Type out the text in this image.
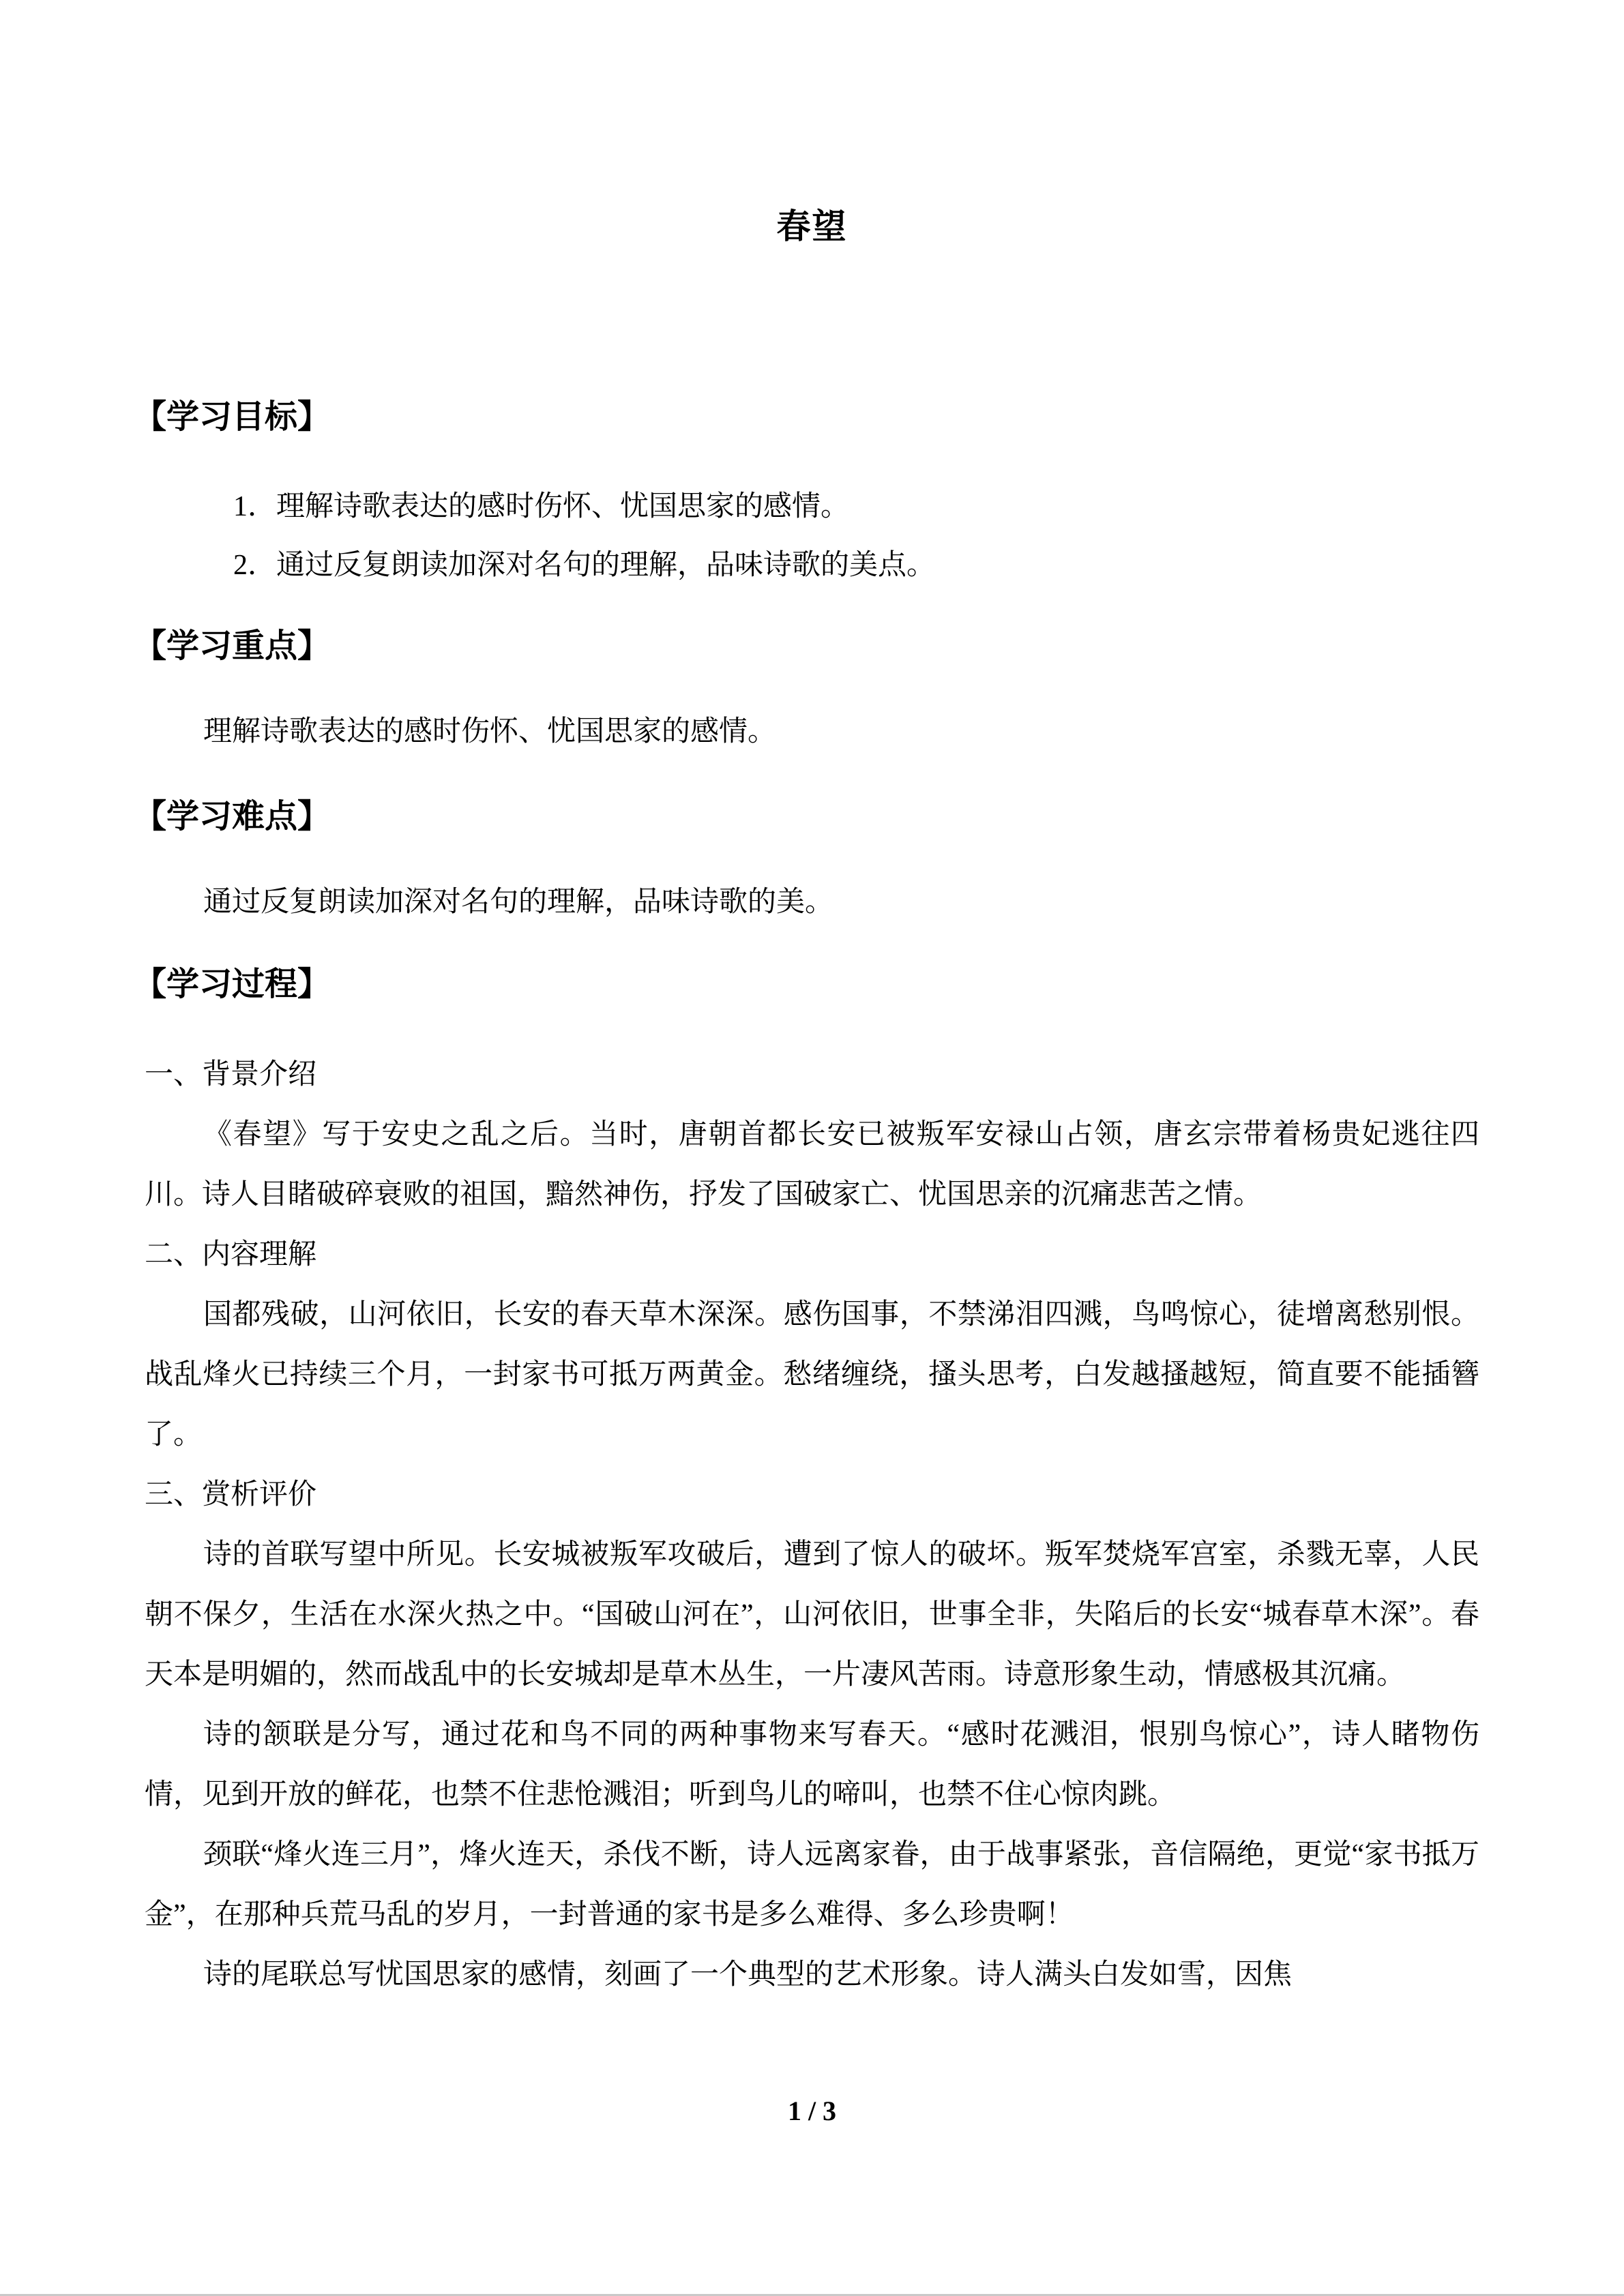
春望
【学习目标】
1．理解诗歌表达的感时伤怀、忧国思家的感情。
2．通过反复朗读加深对名句的理解，品味诗歌的美点。
【学习重点】
理解诗歌表达的感时伤怀、忧国思家的感情。
【学习难点】
通过反复朗读加深对名句的理解，品味诗歌的美。
【学习过程】
一、背景介绍

《春望》写于安史之乱之后。当时，唐朝首都长安已被叛军安禄山占领，唐玄宗带着杨贵妃逃往四川。诗人目睹破碎衰败的祖国，黯然神伤，抒发了国破家亡、忧国思亲的沉痛悲苦之情。

二、内容理解

国都残破，山河依旧，长安的春天草木深深。感伤国事，不禁涕泪四溅，鸟鸣惊心，徒增离愁别恨。战乱烽火已持续三个月，一封家书可抵万两黄金。愁绪缠绕，搔头思考，白发越搔越短，简直要不能插簪了。

三、赏析评价

诗的首联写望中所见。长安城被叛军攻破后，遭到了惊人的破坏。叛军焚烧军宫室，杀戮无辜，人民朝不保夕，生活在水深火热之中。“国破山河在”，山河依旧，世事全非，失陷后的长安“城春草木深”。春天本是明媚的，然而战乱中的长安城却是草木丛生，一片凄风苦雨。诗意形象生动，情感极其沉痛。

诗的颔联是分写，通过花和鸟不同的两种事物来写春天。“感时花溅泪，恨别鸟惊心”，诗人睹物伤情，见到开放的鲜花，也禁不住悲怆溅泪；听到鸟儿的啼叫，也禁不住心惊肉跳。

颈联“烽火连三月”，烽火连天，杀伐不断，诗人远离家眷，由于战事紧张，音信隔绝，更觉“家书抵万金”，在那种兵荒马乱的岁月，一封普通的家书是多么难得、多么珍贵啊！

诗的尾联总写忧国思家的感情，刻画了一个典型的艺术形象。诗人满头白发如雪，因焦

1 / 3
